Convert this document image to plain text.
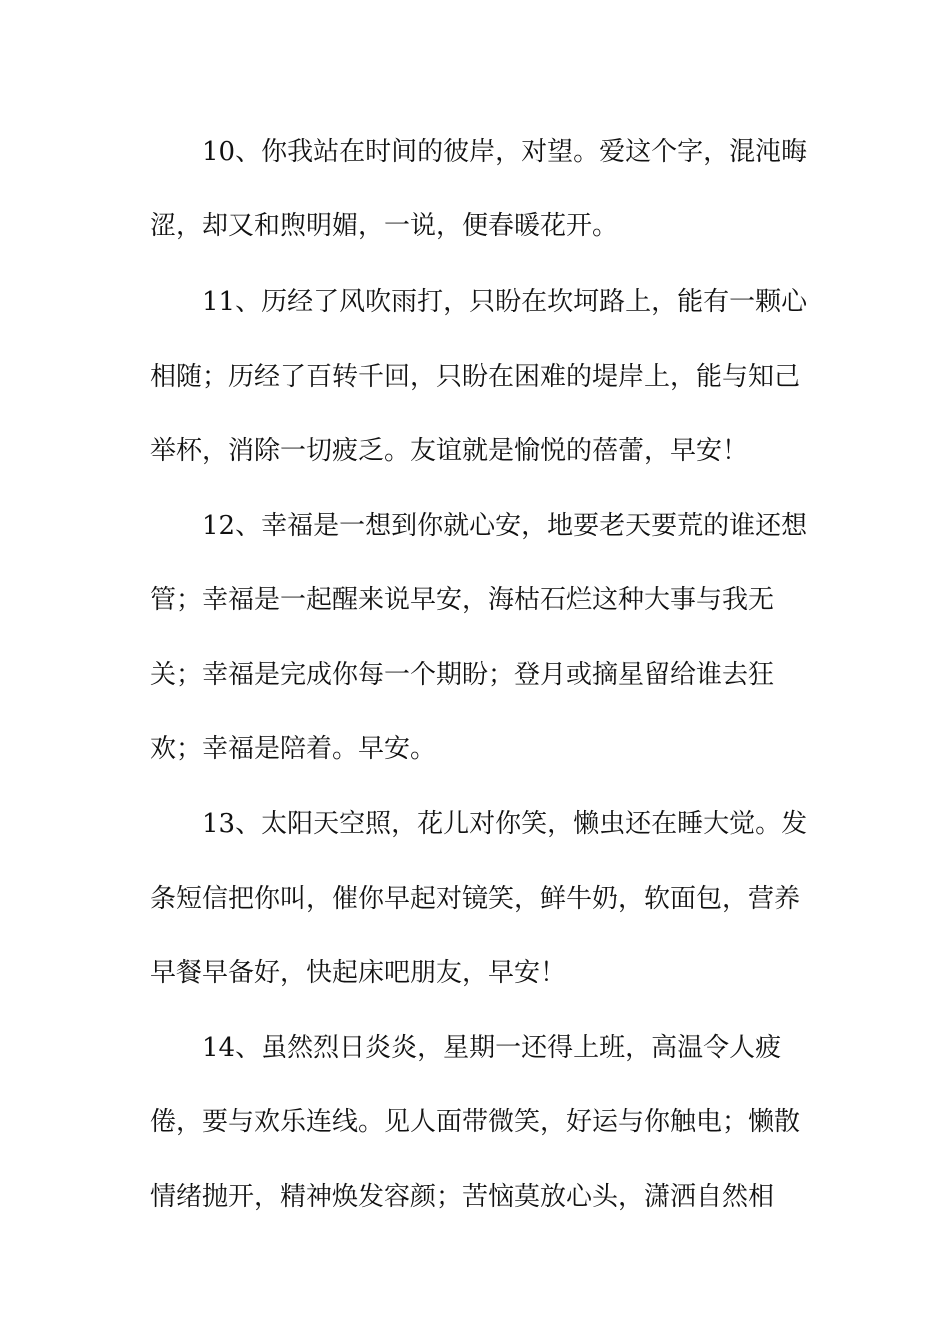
10、你我站在时间的彼岸，对望。爱这个字，混沌晦
涩，却又和煦明媚，一说，便春暖花开。
11、历经了风吹雨打，只盼在坎坷路上，能有一颗心
相随；历经了百转千回，只盼在困难的堤岸上，能与知己
举杯，消除一切疲乏。友谊就是愉悦的蓓蕾，早安！
12、幸福是一想到你就心安，地要老天要荒的谁还想
管；幸福是一起醒来说早安，海枯石烂这种大事与我无
关；幸福是完成你每一个期盼；登月或摘星留给谁去狂
欢；幸福是陪着。早安。
13、太阳天空照，花儿对你笑，懒虫还在睡大觉。发
条短信把你叫，催你早起对镜笑，鲜牛奶，软面包，营养
早餐早备好，快起床吧朋友，早安！
14、虽然烈日炎炎，星期一还得上班，高温令人疲
倦，要与欢乐连线。见人面带微笑，好运与你触电；懒散
情绪抛开，精神焕发容颜；苦恼莫放心头，潇洒自然相
